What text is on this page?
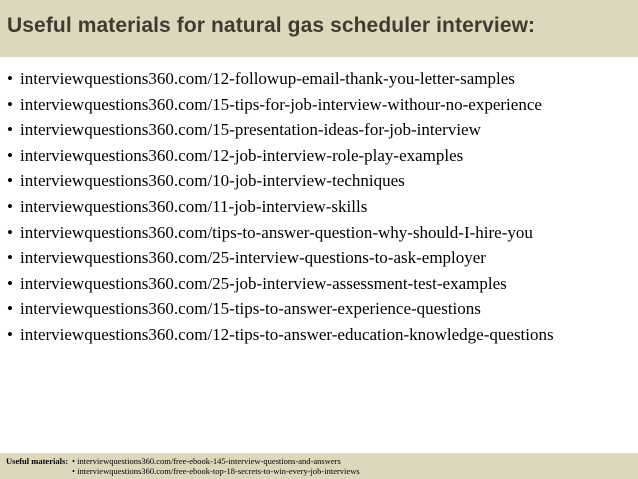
Useful materials for natural gas scheduler interview:
• interviewquestions360.com/12-followup-email-thank-you-letter-samples
• interviewquestions360.com/15-tips-for-job-interview-withour-no-experience
• interviewquestions360.com/15-presentation-ideas-for-job-interview
• interviewquestions360.com/12-job-interview-role-play-examples
• interviewquestions360.com/10-job-interview-techniques
• interviewquestions360.com/11-job-interview-skills
• interviewquestions360.com/tips-to-answer-question-why-should-I-hire-you
• interviewquestions360.com/25-interview-questions-to-ask-employer
• interviewquestions360.com/25-job-interview-assessment-test-examples
• interviewquestions360.com/15-tips-to-answer-experience-questions
• interviewquestions360.com/12-tips-to-answer-education-knowledge-questions
Useful materials: • interviewquestions360.com/free-ebook-145-interview-questions-and-answers
• interviewquestions360.com/free-ebook-top-18-secrets-to-win-every-job-interviews
